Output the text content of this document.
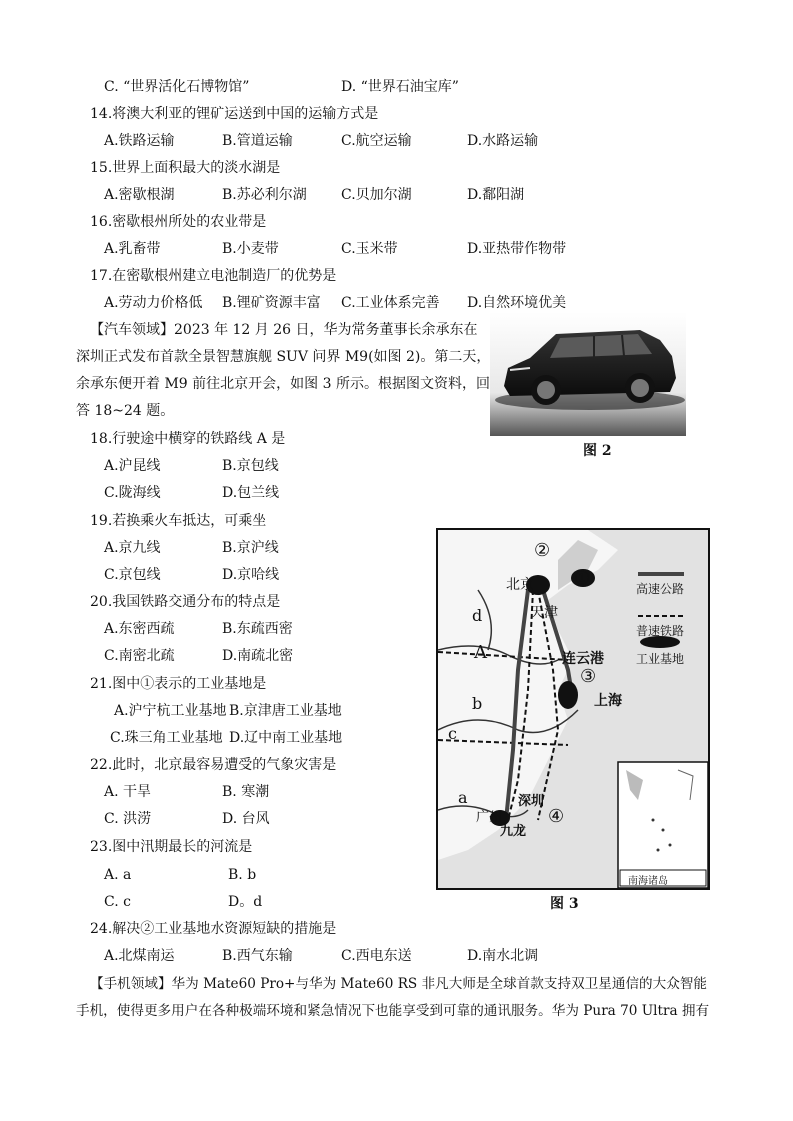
C. “世界活化石博物馆”	D. “世界石油宝库”
14.将澳大利亚的锂矿运送到中国的运输方式是
A.铁路运输	B.管道运输	C.航空运输	D.水路运输
15.世界上面积最大的淡水湖是
A.密歇根湖	B.苏必利尔湖 C.贝加尔湖	D.鄱阳湖
16.密歇根州所处的农业带是
A.乳畜带	B.小麦带	C.玉米带	D.亚热带作物带
17.在密歇根州建立电池制造厂的优势是
A.劳动力价格低 B.锂矿资源丰富 C.工业体系完善 D.自然环境优美
【汽车领域】2023 年 12 月 26 日，华为常务董事长余承东在
深圳正式发布首款全景智慧旗舰 SUV 问界 M9(如图 2)。第二天，
余承东便开着 M9 前往北京开会，如图 3 所示。根据图文资料，回
答 18~24 题。
图 2
18.行驶途中横穿的铁路线 A 是
A.沪昆线	B.京包线
C.陇海线	D.包兰线
19.若换乘火车抵达，可乘坐
A.京九线	B.京沪线
C.京包线	D.京哈线
20.我国铁路交通分布的特点是
A.东密西疏	B.东疏西密
C.南密北疏	D.南疏北密
21.图中①表示的工业基地是
A.沪宁杭工业基地 B.京津唐工业基地
C.珠三角工业基地 D.辽中南工业基地
22.此时，北京最容易遭受的气象灾害是
A. 干旱	B. 寒潮
C. 洪涝	D. 台风
23.图中汛期最长的河流是
A. a	B. b
C. c	D。d
高速公路
普速铁路
工业基地
北京
天津
连云港
上海
深圳
广州
九龙
②
①
③
④
a
b
c
d
A
南海诸岛
图 3
24.解决②工业基地水资源短缺的措施是
A.北煤南运	B.西气东输	C.西电东送	D.南水北调
【手机领域】华为 Mate60 Pro+与华为 Mate60 RS 非凡大师是全球首款支持双卫星通信的大众智能
手机，使得更多用户在各种极端环境和紧急情况下也能享受到可靠的通讯服务。华为 Pura 70 Ultra 拥有
